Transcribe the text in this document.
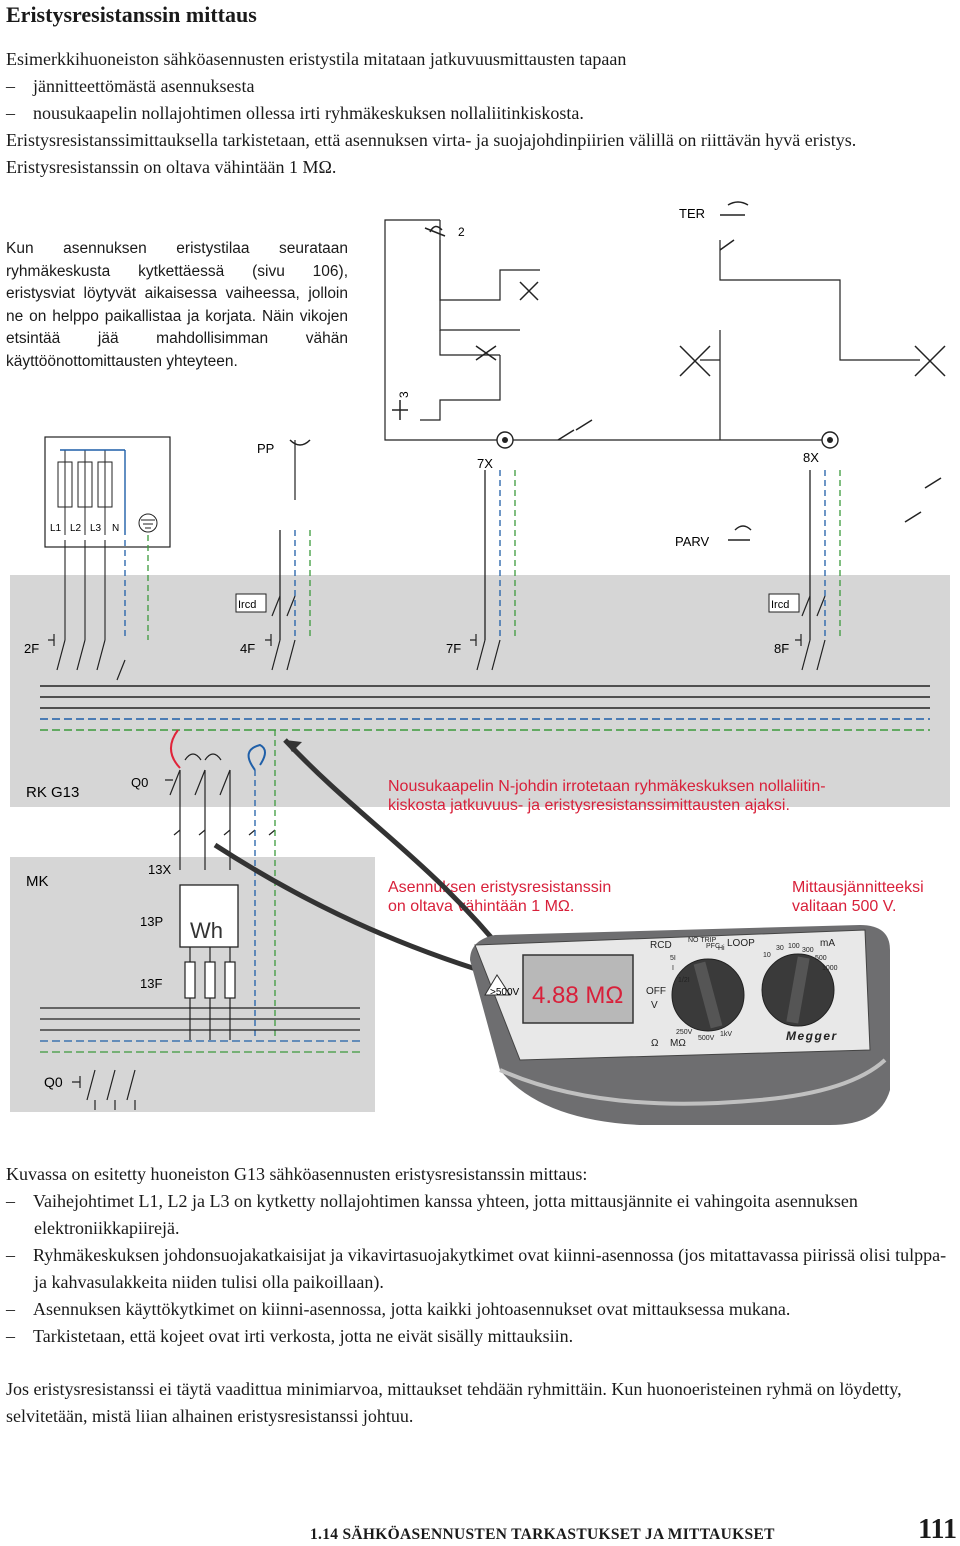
Eristysresistanssin mittaus
Esimerkkihuoneiston sähköasennusten eristystila mitataan jatkuvuusmittausten tapaan
–    jännitteettömästä asennuksesta
–    nousukaapelin nollajohtimen ollessa irti ryhmäkeskuksen nollaliitinkiskosta.
Eristysresistanssimittauksella tarkistetaan, että asennuksen virta- ja suojajohdinpiirien välillä on riittävän hyvä eristys. Eristysresistanssin on oltava vähintään 1 MΩ.

Kun asennuksen eristystilaa seurataan ryhmäkeskusta kytkettäessä (sivu 106), eristysviat löytyvät aikaisessa vaiheessa, jolloin ne on helppo paikallistaa ja korjata. Näin vikojen etsintää jää mahdollisimman vähän käyttöönottomittausten yhteyteen.

L1 L2 L3 N
TER
2
3
PP
7X	8X
PARV
Ircd	Ircd
2F	4F	7F	8F
RK G13
Q0	Nousukaapelin N-johdin irrotetaan ryhmäkeskuksen nollaliitin-
kiskosta jatkuvuus- ja eristysresistanssimittausten ajaksi.
Asennuksen eristysresistanssin
on oltava vähintään 1 MΩ.
Mittausjännitteeksi
valitaan 500 V.
MK
13X
13P
13F
Wh
Q0
4.88 MΩ
>500V
RCD	LOOP	mA
OFF
V
Ω MΩ
250V
500V
1kV
NO TRIP
PFC
Hi
5I
I
1/2I
10
30 100
300
500
1000
Megger
Kuvassa on esitetty huoneiston G13 sähköasennusten eristysresistanssin mittaus:
–    Vaihejohtimet L1, L2 ja L3 on kytketty nollajohtimen kanssa yhteen, jotta mittausjännite ei vahingoita asennuksen elektroniikkapiirejä.
–    Ryhmäkeskuksen johdonsuojakatkaisijat ja vikavirtasuojakytkimet ovat kiinni-asennossa (jos mitattavassa piirissä olisi tulppa- ja kahvasulakkeita niiden tulisi olla paikoillaan).
–    Asennuksen käyttökytkimet on kiinni-asennossa, jotta kaikki johtoasennukset ovat mittauksessa mukana.
–    Tarkistetaan, että kojeet ovat irti verkosta, jotta ne eivät sisälly mittauksiin.

Jos eristysresistanssi ei täytä vaadittua minimiarvoa, mittaukset tehdään ryhmittäin. Kun huonoeristeinen ryhmä on löydetty, selvitetään, mistä liian alhainen eristysresistanssi johtuu.

1.14 SÄHKÖASENNUSTEN TARKASTUKSET JA MITTAUKSET	111
